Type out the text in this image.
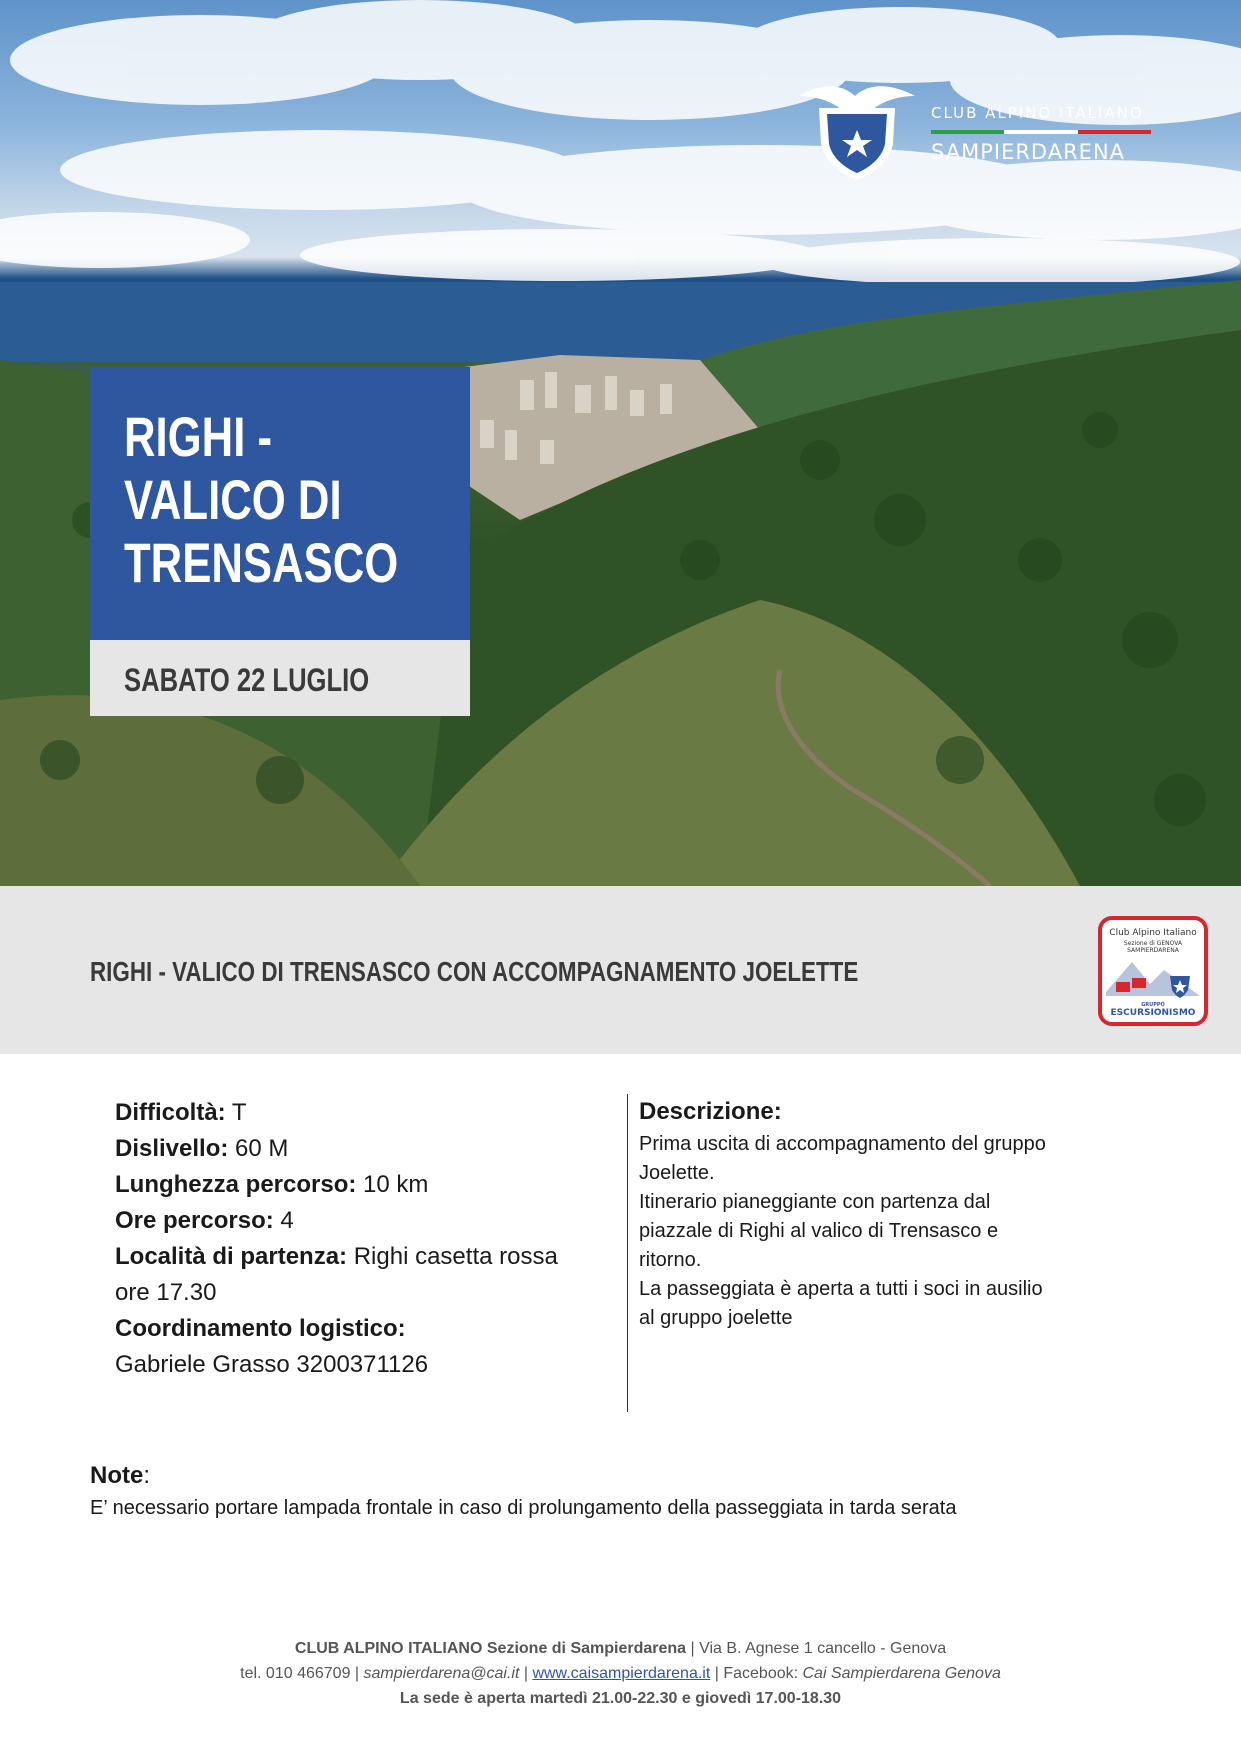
CLUB ALPINO ITALIANO
SAMPIERDARENA
RIGHI -
VALICO DI
TRENSASCO
SABATO 22 LUGLIO
RIGHI - VALICO DI TRENSASCO CON ACCOMPAGNAMENTO JOELETTE
Club Alpino Italiano
Sezione di GENOVA
SAMPIERDARENA
GRUPPO
ESCURSIONISMO
Difficoltà: T
Dislivello: 60 M
Lunghezza percorso: 10 km
Ore percorso: 4
Località di partenza: Righi casetta rossa
ore 17.30
Coordinamento logistico:
Gabriele Grasso 3200371126
Descrizione:
Prima uscita di accompagnamento del gruppo
Joelette.
Itinerario pianeggiante con partenza dal
piazzale di Righi al valico di Trensasco e
ritorno.
La passeggiata è aperta a tutti i soci in ausilio
al gruppo joelette
Note:
E’ necessario portare lampada frontale in caso di prolungamento della passeggiata in tarda serata
CLUB ALPINO ITALIANO Sezione di Sampierdarena | Via B. Agnese 1 cancello - Genova
tel. 010 466709 | sampierdarena@cai.it | www.caisampierdarena.it | Facebook: Cai Sampierdarena Genova
La sede è aperta martedì 21.00-22.30 e giovedì 17.00-18.30
